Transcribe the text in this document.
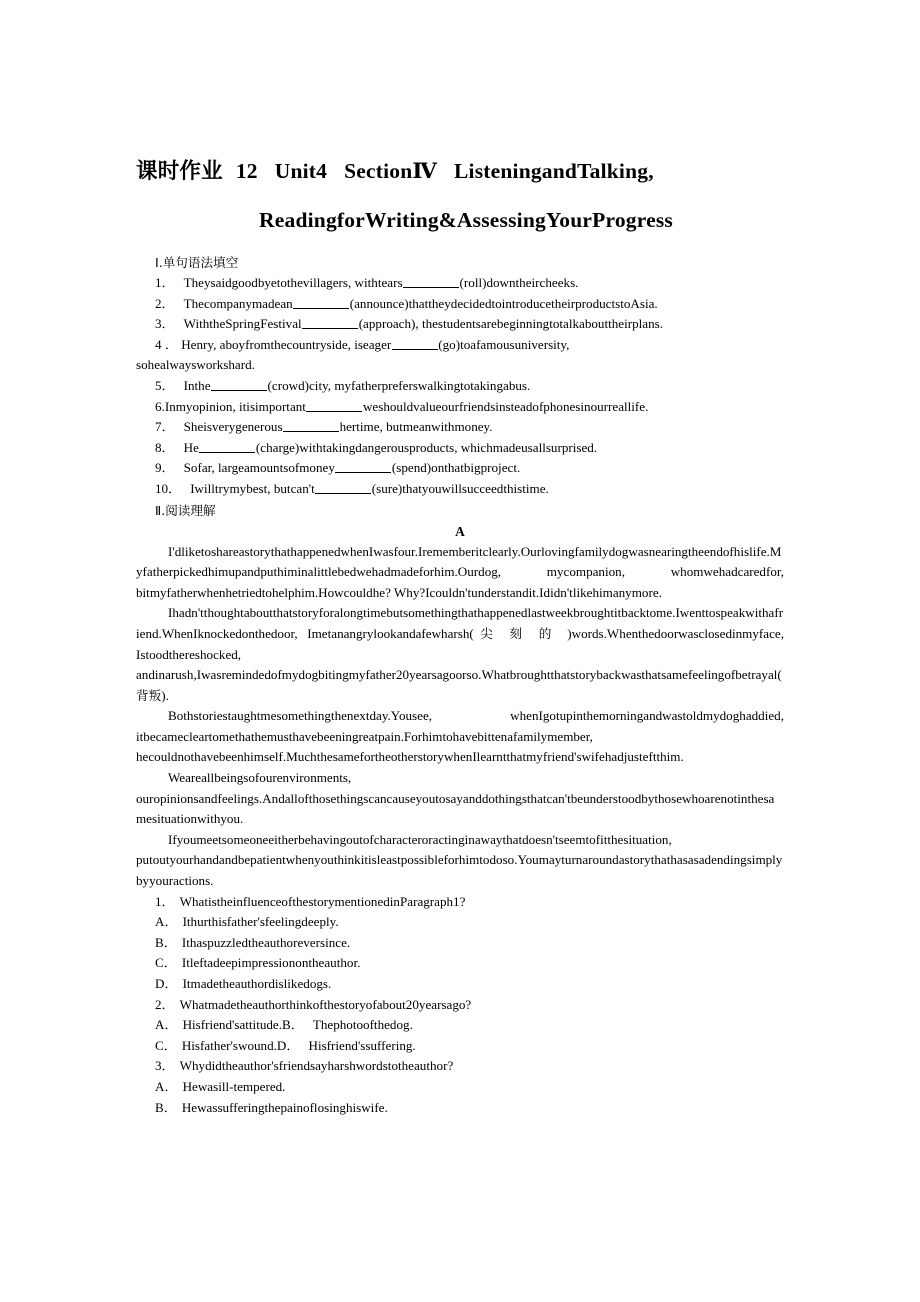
课时作业 12 Unit4 SectionⅣ ListeningandTalking,
ReadingforWriting&AssessingYourProgress
Ⅰ.单句语法填空
1． Theysaidgoodbyetothevillagers, withtears	(roll)downtheircheeks.
2． Thecompanymadean	(announce)thattheydecidedtointroducetheirproductstoAsia.
3． WiththeSpringFestival	(approach), thestudentsarebeginningtotalkabouttheirplans.
4 ． Henry, aboyfromthecountryside, iseager	(go)toafamousuniversity,
sohealwaysworkshard.
5． Inthe	(crowd)city, myfatherpreferswalkingtotakingabus.
6.Inmyopinion, itisimportant	weshouldvalueourfriendsinsteadofphonesinourreallife.
7． Sheisverygenerous	hertime, butmeanwithmoney.
8． He	(charge)withtakingdangerousproducts, whichmadeusallsurprised.
9． Sofar, largeamountsofmoney	(spend)onthatbigproject.
10． Iwilltrymybest, butcan't	(sure)thatyouwillsucceedthistime.
Ⅱ.阅读理解
A
I'dliketoshareastorythathappenedwhenIwasfour.Irememberitclearly.Ourlovingfamilydogwasnearingtheendofhislife.Myfatherpickedhimupandputhiminalittlebedwehadmadeforhim.Ourdog, mycompanion, whomwehadcaredfor, bitmyfatherwhenhetriedtohelphim.Howcouldhe? Why?Icouldn'tunderstandit.Ididn'tlikehimanymore.
Ihadn'tthoughtaboutthatstoryforalongtimebutsomethingthathappenedlastweekbroughtitbacktome.Iwenttospeakwithafriend.WhenIknockedonthedoor, Imetanangrylookandafewharsh(尖 刻 的 )words.Whenthedoorwasclosedinmyface, Istoodthereshocked, andinarush,Iwasremindedofmydogbitingmyfather20yearsagoorso.Whatbroughtthatstorybackwasthatsamefeelingofbetrayal(背叛).
Bothstoriestaughtmesomethingthenextday.Yousee, whenIgotupinthemorningandwastoldmydoghaddied, itbecamecleartomethathemusthavebeeningreatpain.Forhimtohavebittenafamilymember, hecouldnothavebeenhimself.MuchthesamefortheotherstorywhenIlearntthatmyfriend'swifehadjusteftthim.
Weareallbeingsofourenvironments, ouropinionsandfeelings.Andallofthosethingscancauseyoutosayanddothingsthatcan'tbeunderstoodbythosewhoarenotinthesamesituationwithyou.
Ifyoumeetsomeoneeitherbehavingoutofcharacteroractinginawaythatdoesn'tseemtofitthesituation, putoutyourhandandbepatientwhenyouthinkitisleastpossibleforhimtodoso.Youmayturnaroundastorythathasasadendingsimplybyyouractions.
1． WhatistheinfluenceofthestorymentionedinParagraph1?
A． Ithurthisfather'sfeelingdeeply.
B． Ithaspuzzledtheauthoreversince.
C． Itleftadeepimpressionontheauthor.
D． Itmadetheauthordislikedogs.
2． Whatmadetheauthorthinkofthestoryofabout20yearsago?
A． Hisfriend'sattitude.B． Thephotoofthedog.
C． Hisfather'swound.D． Hisfriend'ssuffering.
3． Whydidtheauthor'sfriendsayharshwordstotheauthor?
A． Hewasill-tempered.
B． Hewassufferingthepainoflosinghiswife.
